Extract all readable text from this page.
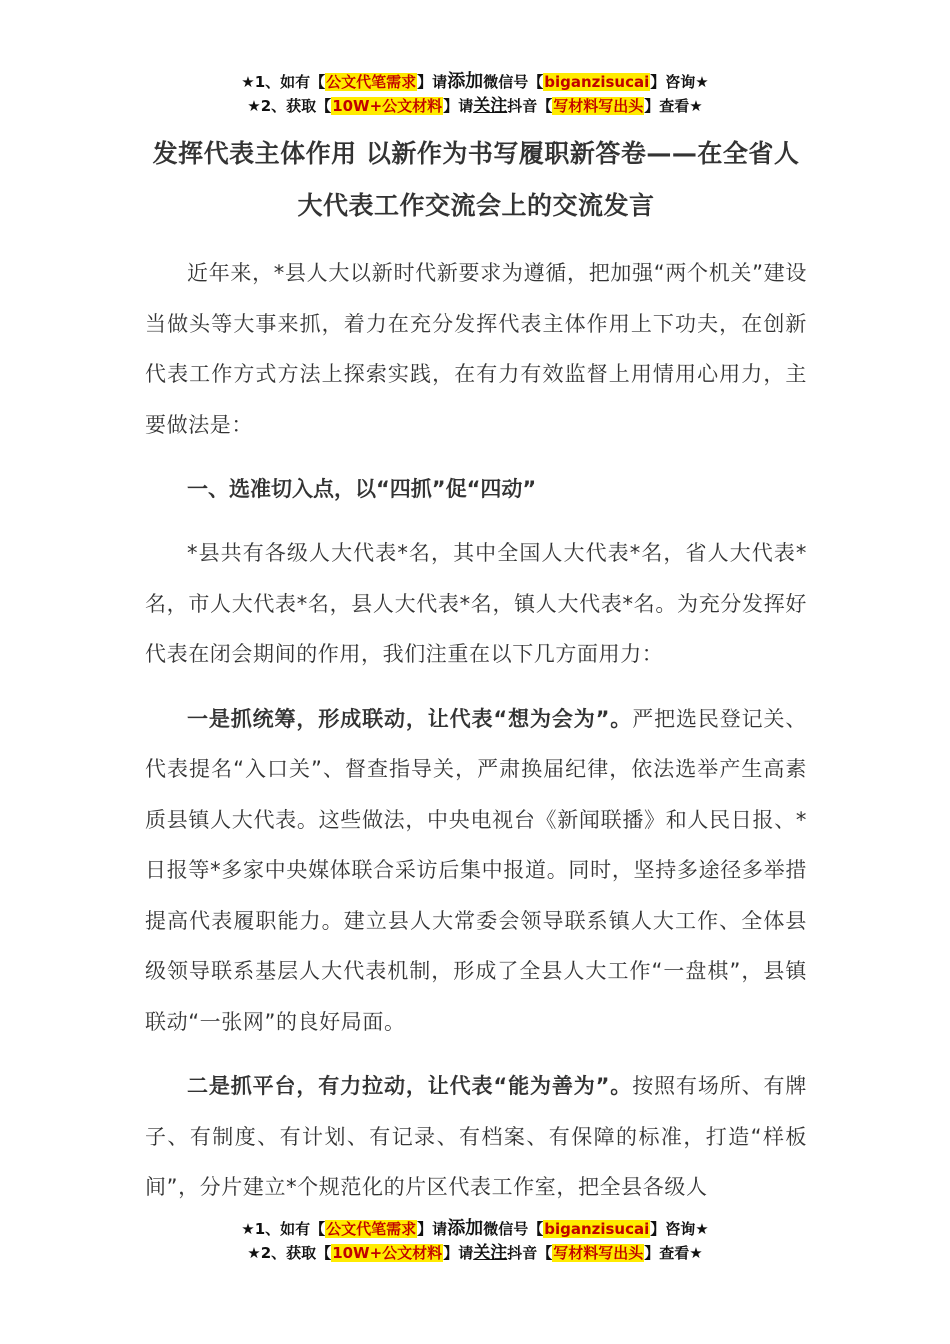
★1、如有【公文代笔需求】请添加微信号【biganzisucai】咨询★
★2、获取【10W+公文材料】请关注抖音【写材料写出头】查看★

发挥代表主体作用 以新作为书写履职新答卷——在全省人

大代表工作交流会上的交流发言

近年来，*县人大以新时代新要求为遵循，把加强“两个机关”建设当做头等大事来抓，着力在充分发挥代表主体作用上下功夫，在创新代表工作方式方法上探索实践，在有力有效监督上用情用心用力，主要做法是：

一、选准切入点，以“四抓”促“四动”

*县共有各级人大代表*名，其中全国人大代表*名，省人大代表*名，市人大代表*名，县人大代表*名，镇人大代表*名。为充分发挥好代表在闭会期间的作用，我们注重在以下几方面用力：

一是抓统筹，形成联动，让代表“想为会为”。严把选民登记关、代表提名“入口关”、督查指导关，严肃换届纪律，依法选举产生高素质县镇人大代表。这些做法，中央电视台《新闻联播》和人民日报、*日报等*多家中央媒体联合采访后集中报道。同时，坚持多途径多举措提高代表履职能力。建立县人大常委会领导联系镇人大工作、全体县级领导联系基层人大代表机制，形成了全县人大工作“一盘棋”，县镇联动“一张网”的良好局面。

二是抓平台，有力拉动，让代表“能为善为”。按照有场所、有牌子、有制度、有计划、有记录、有档案、有保障的标准，打造“样板间”，分片建立*个规范化的片区代表工作室，把全县各级人

★1、如有【公文代笔需求】请添加微信号【biganzisucai】咨询★
★2、获取【10W+公文材料】请关注抖音【写材料写出头】查看★
